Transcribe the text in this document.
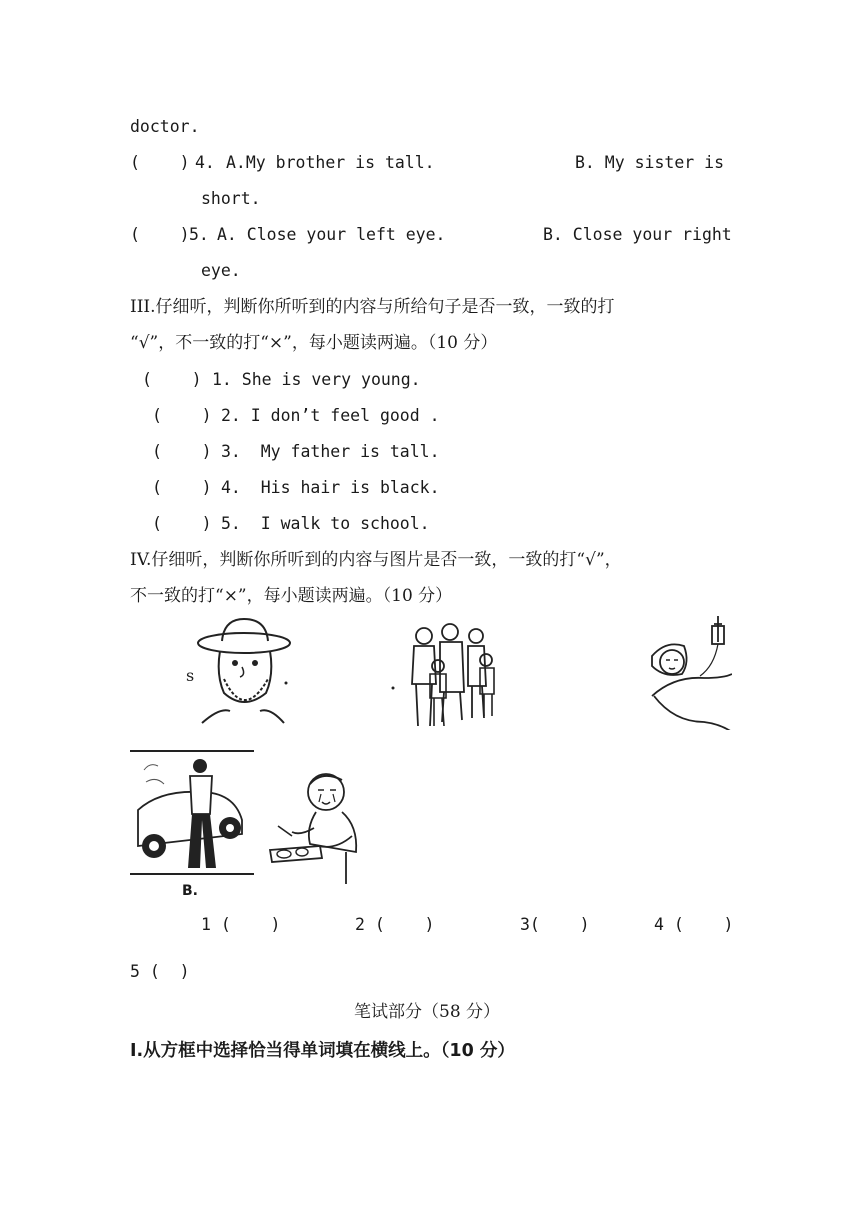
doctor.
(    ) 4. A.My brother is tall.	B. My sister is
short.
(    ) 5. A. Close your left eye.	B. Close your right
eye.
III.仔细听，判断你所听到的内容与所给句子是否一致，一致的打
“√”，不一致的打“×”，每小题读两遍。（10 分）
(    ) 1. She is very young.
(    ) 2. I don’t feel good .
(    ) 3.  My father is tall.
(    ) 4.  His hair is black.
(    ) 5.  I walk to school.
IV.仔细听，判断你所听到的内容与图片是否一致，一致的打“√”，
不一致的打“×”，每小题读两遍。（10 分）
s
B.
1 (    )	2 (    )	3(    )	4 (    )
5 (  )
笔试部分（58 分）
Ⅰ.从方框中选择恰当得单词填在横线上。（10 分）
